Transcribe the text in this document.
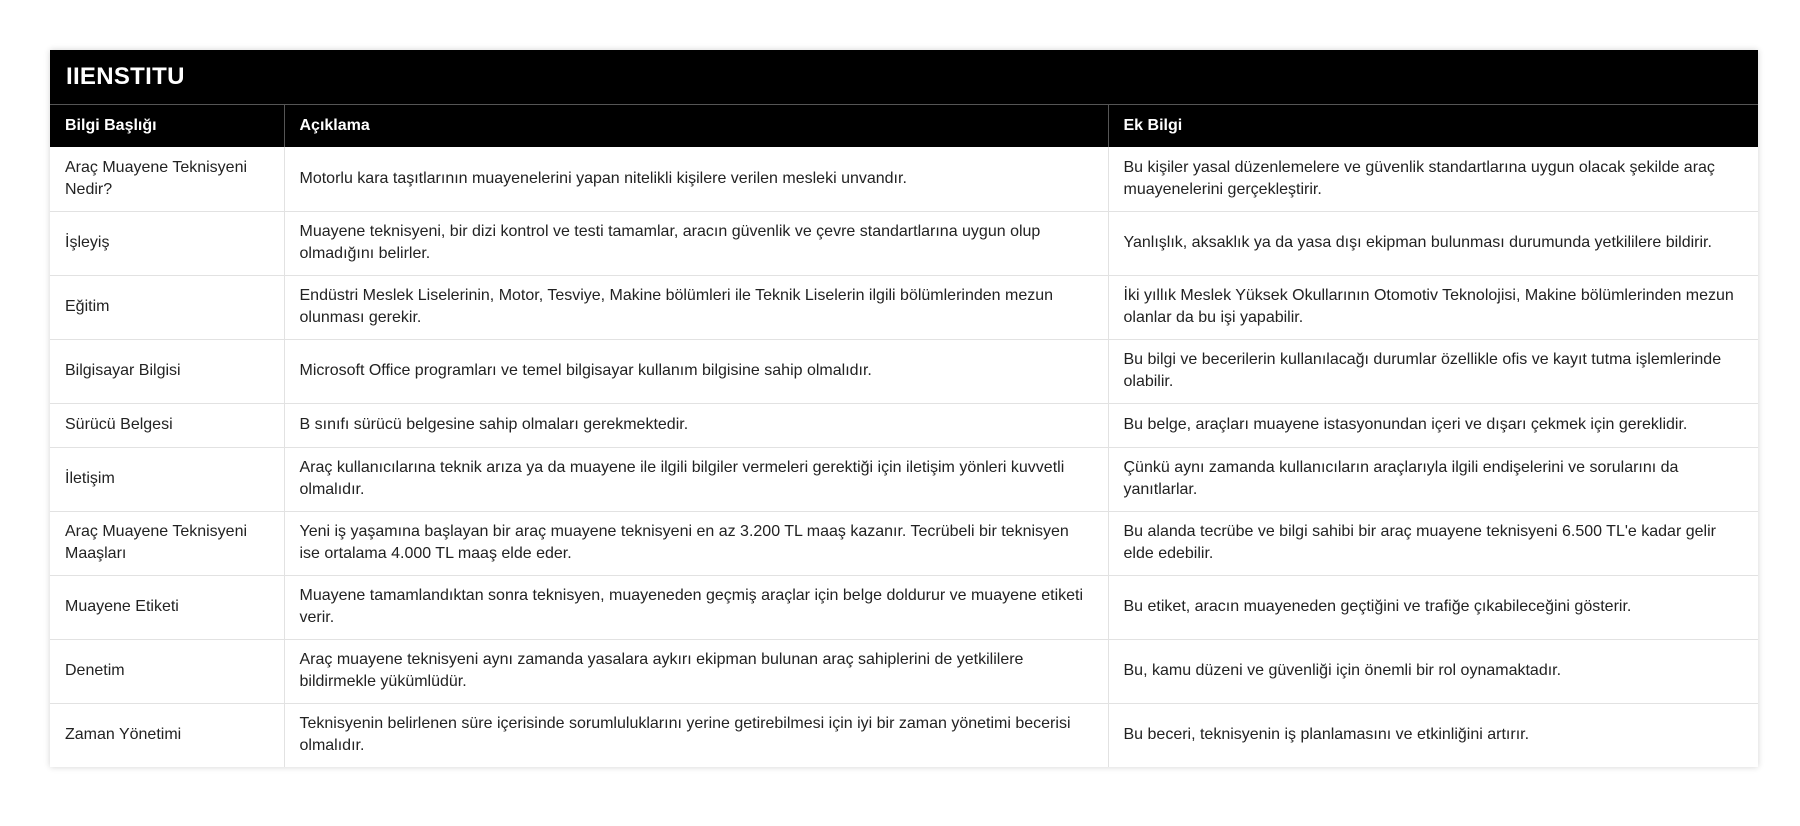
IIENSTITU
Bilgi Başlığı	Açıklama	Ek Bilgi
Araç Muayene Teknisyeni Nedir?	Motorlu kara taşıtlarının muayenelerini yapan nitelikli kişilere verilen mesleki unvandır.	Bu kişiler yasal düzenlemelere ve güvenlik standartlarına uygun olacak şekilde araç muayenelerini gerçekleştirir.
İşleyiş	Muayene teknisyeni, bir dizi kontrol ve testi tamamlar, aracın güvenlik ve çevre standartlarına uygun olup olmadığını belirler.	Yanlışlık, aksaklık ya da yasa dışı ekipman bulunması durumunda yetkililere bildirir.
Eğitim	Endüstri Meslek Liselerinin, Motor, Tesviye, Makine bölümleri ile Teknik Liselerin ilgili bölümlerinden mezun olunması gerekir.	İki yıllık Meslek Yüksek Okullarının Otomotiv Teknolojisi, Makine bölümlerinden mezun olanlar da bu işi yapabilir.
Bilgisayar Bilgisi	Microsoft Office programları ve temel bilgisayar kullanım bilgisine sahip olmalıdır.	Bu bilgi ve becerilerin kullanılacağı durumlar özellikle ofis ve kayıt tutma işlemlerinde olabilir.
Sürücü Belgesi	B sınıfı sürücü belgesine sahip olmaları gerekmektedir.	Bu belge, araçları muayene istasyonundan içeri ve dışarı çekmek için gereklidir.
İletişim	Araç kullanıcılarına teknik arıza ya da muayene ile ilgili bilgiler vermeleri gerektiği için iletişim yönleri kuvvetli olmalıdır.	Çünkü aynı zamanda kullanıcıların araçlarıyla ilgili endişelerini ve sorularını da yanıtlarlar.
Araç Muayene Teknisyeni Maaşları	Yeni iş yaşamına başlayan bir araç muayene teknisyeni en az 3.200 TL maaş kazanır. Tecrübeli bir teknisyen ise ortalama 4.000 TL maaş elde eder.	Bu alanda tecrübe ve bilgi sahibi bir araç muayene teknisyeni 6.500 TL'e kadar gelir elde edebilir.
Muayene Etiketi	Muayene tamamlandıktan sonra teknisyen, muayeneden geçmiş araçlar için belge doldurur ve muayene etiketi verir.	Bu etiket, aracın muayeneden geçtiğini ve trafiğe çıkabileceğini gösterir.
Denetim	Araç muayene teknisyeni aynı zamanda yasalara aykırı ekipman bulunan araç sahiplerini de yetkililere bildirmekle yükümlüdür.	Bu, kamu düzeni ve güvenliği için önemli bir rol oynamaktadır.
Zaman Yönetimi	Teknisyenin belirlenen süre içerisinde sorumluluklarını yerine getirebilmesi için iyi bir zaman yönetimi becerisi olmalıdır.	Bu beceri, teknisyenin iş planlamasını ve etkinliğini artırır.
